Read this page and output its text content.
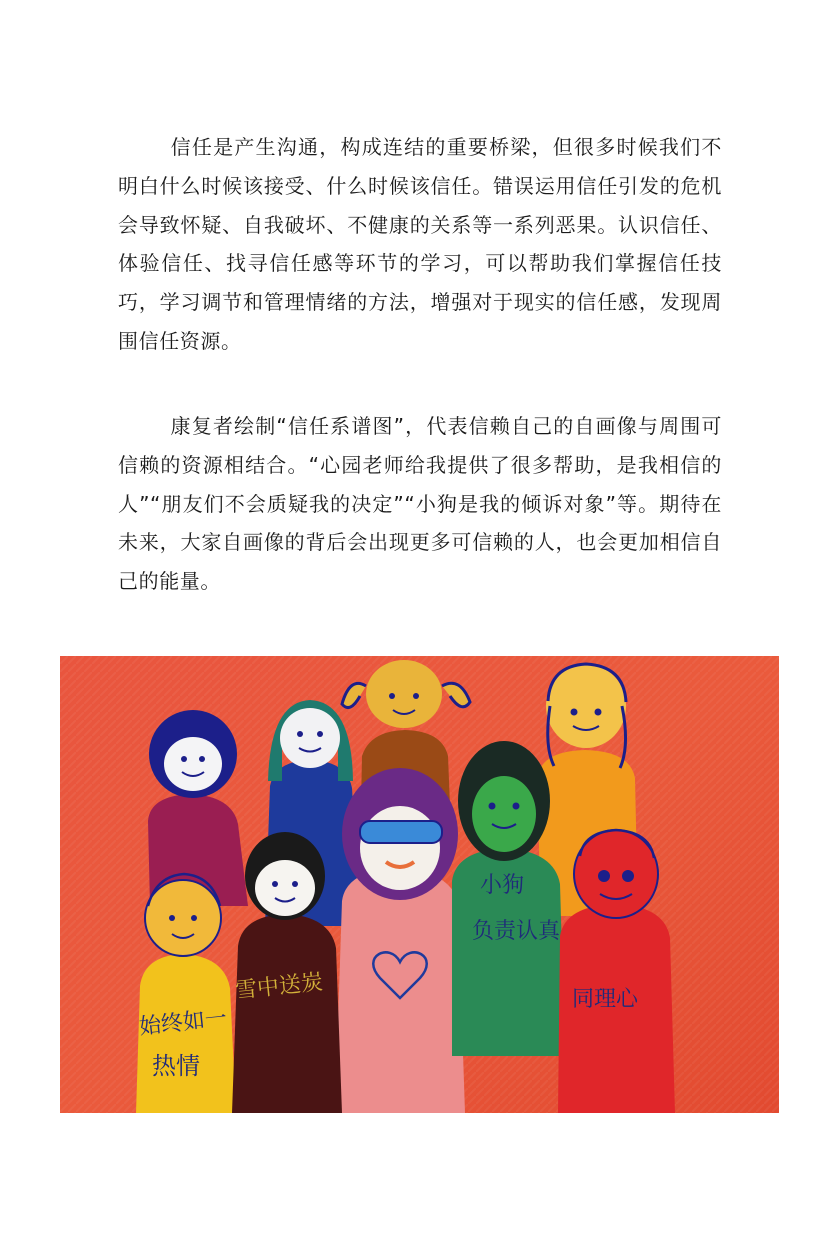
信任是产生沟通，构成连结的重要桥梁，但很多时候我们不明白什么时候该接受、什么时候该信任。错误运用信任引发的危机会导致怀疑、自我破坏、不健康的关系等一系列恶果。认识信任、体验信任、找寻信任感等环节的学习，可以帮助我们掌握信任技巧，学习调节和管理情绪的方法，增强对于现实的信任感，发现周围信任资源。
康复者绘制“信任系谱图”，代表信赖自己的自画像与周围可信赖的资源相结合。“心园老师给我提供了很多帮助，是我相信的人”“朋友们不会质疑我的决定”“小狗是我的倾诉对象”等。期待在未来，大家自画像的背后会出现更多可信赖的人，也会更加相信自己的能量。
始终如一
热情
雪中送炭
小狗
负责认真
同理心
